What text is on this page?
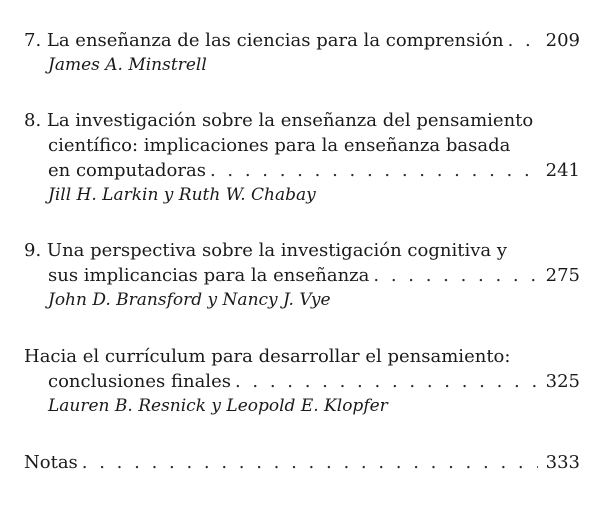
7. La enseñanza de las ciencias para la comprensión . . . 209
James A. Minstrell
8. La investigación sobre la enseñanza del pensamiento
científico: implicaciones para la enseñanza basada
en computadoras . . .	241
Jill H. Larkin y Ruth W. Chabay
9. Una perspectiva sobre la investigación cognitiva y
sus implicancias para la enseñanza . . .	275
John D. Bransford y Nancy J. Vye
Hacia el currículum para desarrollar el pensamiento:
conclusiones finales . . .	325
Lauren B. Resnick y Leopold E. Klopfer
Notas . . .	333
